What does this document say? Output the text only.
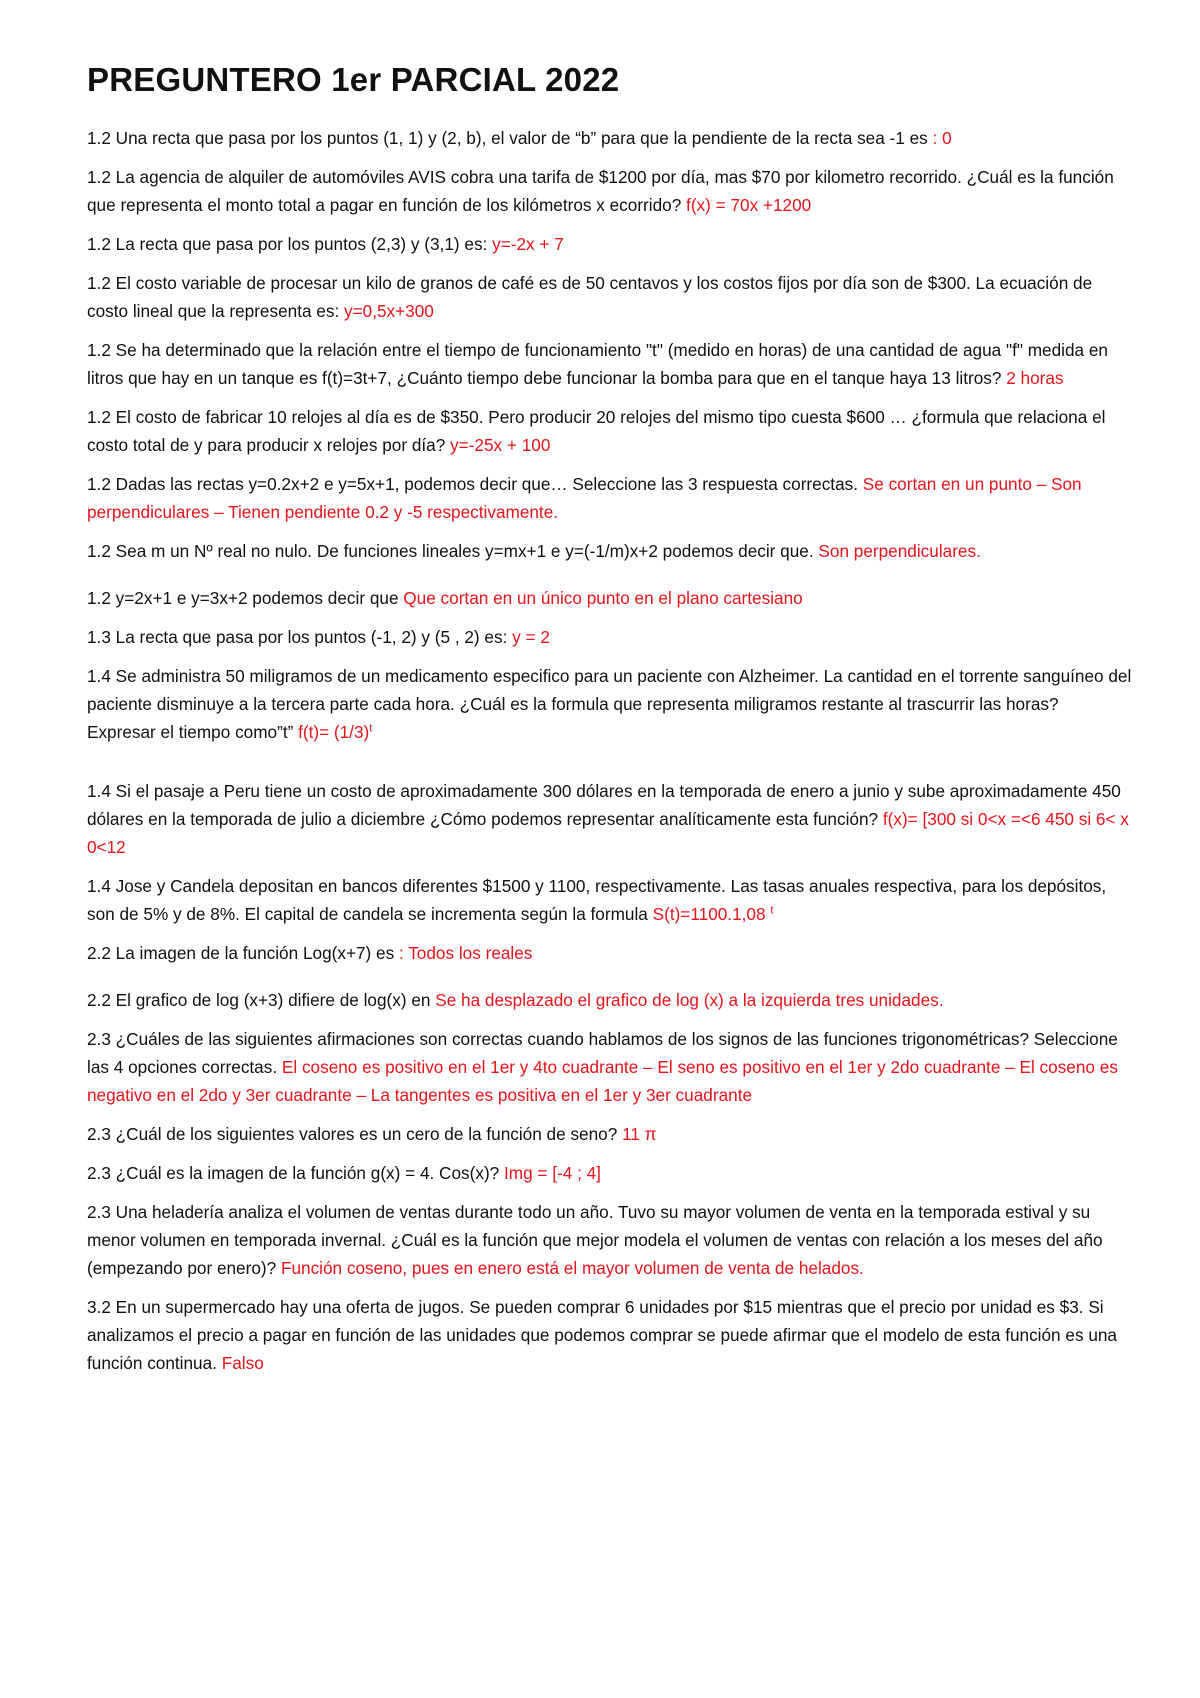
PREGUNTERO 1er PARCIAL 2022

1.2 Una recta que pasa por los puntos (1, 1) y (2, b), el valor de “b” para que la pendiente de la recta sea -1 es : 0

1.2 La agencia de alquiler de automóviles AVIS cobra una tarifa de $1200 por día, mas $70 por kilometro recorrido. ¿Cuál es la función que representa el monto total a pagar en función de los kilómetros x ecorrido? f(x) = 70x +1200

1.2 La recta que pasa por los puntos (2,3) y (3,1) es: y=-2x + 7

1.2 El costo variable de procesar un kilo de granos de café es de 50 centavos y los costos fijos por día son de $300. La ecuación de costo lineal que la representa es: y=0,5x+300

1.2 Se ha determinado que la relación entre el tiempo de funcionamiento "t" (medido en horas) de una cantidad de agua "f" medida en litros que hay en un tanque es f(t)=3t+7, ¿Cuánto tiempo debe funcionar la bomba para que en el tanque haya 13 litros? 2 horas

1.2 El costo de fabricar 10 relojes al día es de $350. Pero producir 20 relojes del mismo tipo cuesta $600 … ¿formula que relaciona el costo total de y para producir x relojes por día? y=-25x + 100

1.2 Dadas las rectas y=0.2x+2 e y=5x+1, podemos decir que… Seleccione las 3 respuesta correctas. Se cortan en un punto – Son perpendiculares – Tienen pendiente 0.2 y -5 respectivamente.

1.2 Sea m un Nº real no nulo. De funciones lineales y=mx+1 e y=(-1/m)x+2 podemos decir que. Son perpendiculares.

1.2 y=2x+1 e y=3x+2 podemos decir que Que cortan en un único punto en el plano cartesiano

1.3 La recta que pasa por los puntos (-1, 2) y (5 , 2) es: y = 2

1.4 Se administra 50 miligramos de un medicamento especifico para un paciente con Alzheimer. La cantidad en el torrente sanguíneo del paciente disminuye a la tercera parte cada hora. ¿Cuál es la formula que representa miligramos restante al trascurrir las horas? Expresar el tiempo como”t” $f(t)= (1/3)^t$

1.4 Si el pasaje a Peru tiene un costo de aproximadamente 300 dólares en la temporada de enero a junio y sube aproximadamente 450 dólares en la temporada de julio a diciembre ¿Cómo podemos representar analíticamente esta función? f(x)= [300 si 0<x =<6 450 si 6< x 0<12

1.4 Jose y Candela depositan en bancos diferentes $1500 y 1100, respectivamente. Las tasas anuales respectiva, para los depósitos, son de 5% y de 8%. El capital de candela se incrementa según la formula S(t)=1100.1,08 $^t$

2.2 La imagen de la función Log(x+7) es : Todos los reales

2.2 El grafico de log (x+3) difiere de log(x) en Se ha desplazado el grafico de log (x) a la izquierda tres unidades.

2.3 ¿Cuáles de las siguientes afirmaciones son correctas cuando hablamos de los signos de las funciones trigonométricas? Seleccione las 4 opciones correctas. El coseno es positivo en el 1er y 4to cuadrante – El seno es positivo en el 1er y 2do cuadrante – El coseno es negativo en el 2do y 3er cuadrante – La tangentes es positiva en el 1er y 3er cuadrante

2.3 ¿Cuál de los siguientes valores es un cero de la función de seno? 11 π

2.3 ¿Cuál es la imagen de la función g(x) = 4. Cos(x)? Img = [-4 ; 4]

2.3 Una heladería analiza el volumen de ventas durante todo un año. Tuvo su mayor volumen de venta en la temporada estival y su menor volumen en temporada invernal. ¿Cuál es la función que mejor modela el volumen de ventas con relación a los meses del año (empezando por enero)? Función coseno, pues en enero está el mayor volumen de venta de helados.

3.2 En un supermercado hay una oferta de jugos. Se pueden comprar 6 unidades por $15 mientras que el precio por unidad es $3. Si analizamos el precio a pagar en función de las unidades que podemos comprar se puede afirmar que el modelo de esta función es una función continua. Falso
